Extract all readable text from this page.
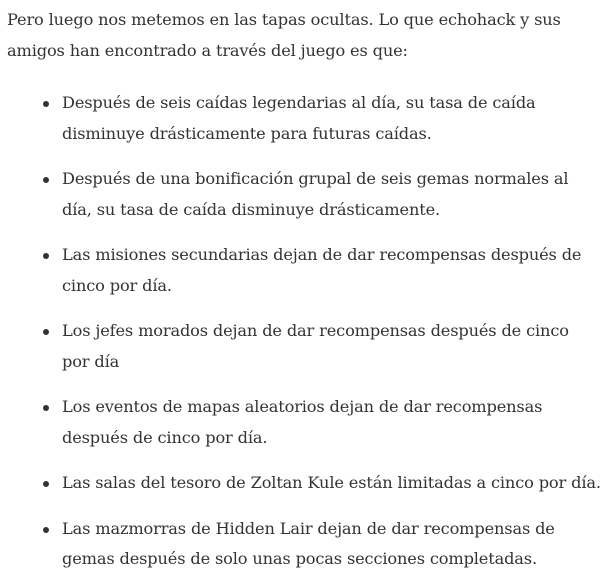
Pero luego nos metemos en las tapas ocultas. Lo que echohack y sus amigos han encontrado a través del juego es que:

Después de seis caídas legendarias al día, su tasa de caída disminuye drásticamente para futuras caídas.
Después de una bonificación grupal de seis gemas normales al día, su tasa de caída disminuye drásticamente.
Las misiones secundarias dejan de dar recompensas después de cinco por día.
Los jefes morados dejan de dar recompensas después de cinco por día
Los eventos de mapas aleatorios dejan de dar recompensas después de cinco por día.
Las salas del tesoro de Zoltan Kule están limitadas a cinco por día.
Las mazmorras de Hidden Lair dejan de dar recompensas de gemas después de solo unas pocas secciones completadas.
